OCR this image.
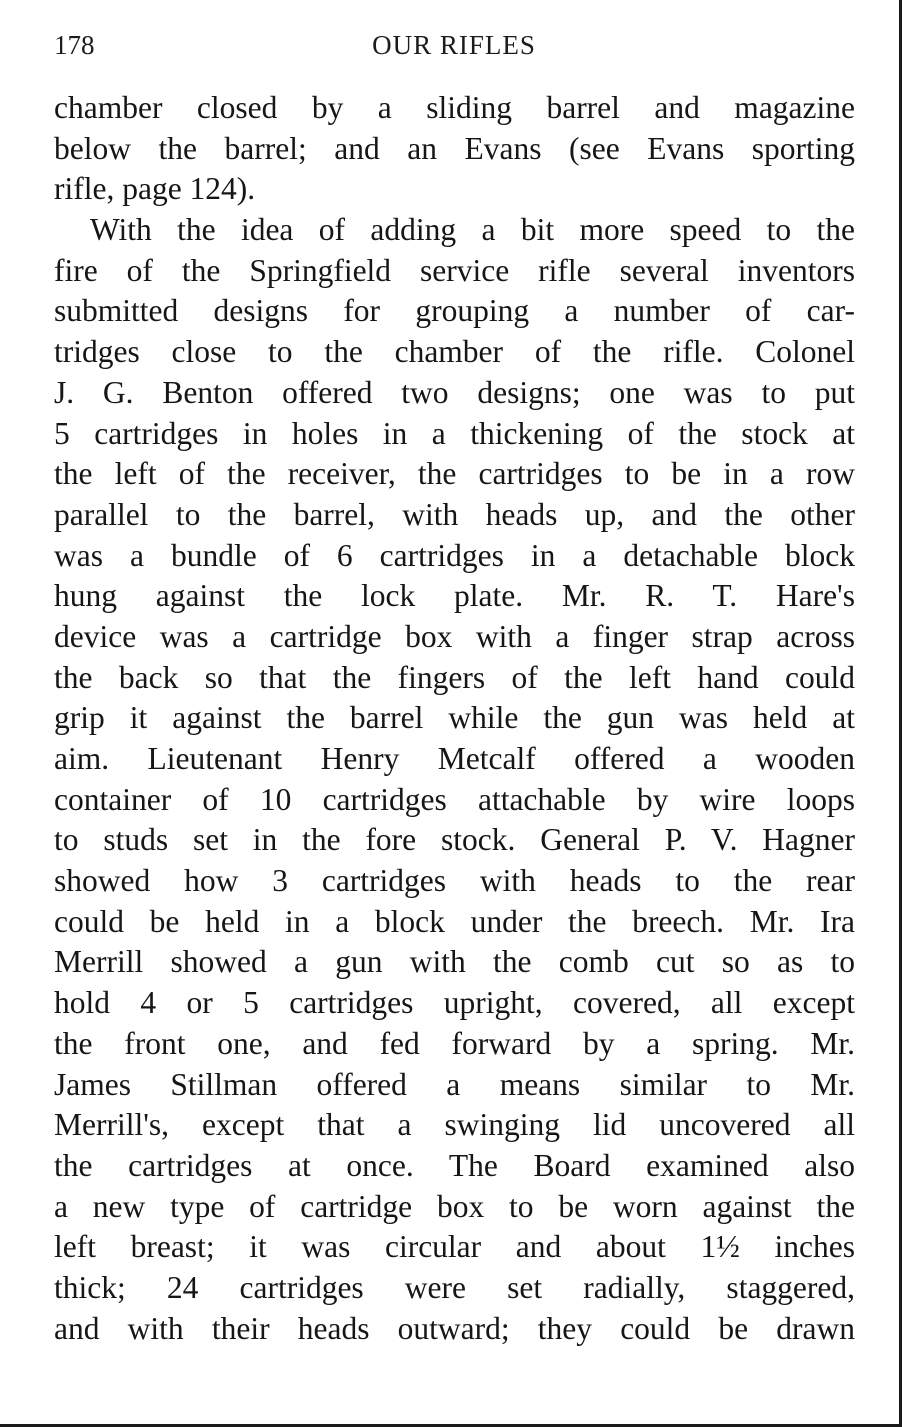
178	OUR RIFLES
chamber closed by a sliding barrel and magazine
below the barrel; and an Evans (see Evans sporting
rifle, page 124).
With the idea of adding a bit more speed to the
fire of the Springfield service rifle several inventors
submitted designs for grouping a number of car-
tridges close to the chamber of the rifle. Colonel
J. G. Benton offered two designs; one was to put
5 cartridges in holes in a thickening of the stock at
the left of the receiver, the cartridges to be in a row
parallel to the barrel, with heads up, and the other
was a bundle of 6 cartridges in a detachable block
hung against the lock plate. Mr. R. T. Hare's
device was a cartridge box with a finger strap across
the back so that the fingers of the left hand could
grip it against the barrel while the gun was held at
aim. Lieutenant Henry Metcalf offered a wooden
container of 10 cartridges attachable by wire loops
to studs set in the fore stock. General P. V. Hagner
showed how 3 cartridges with heads to the rear
could be held in a block under the breech. Mr. Ira
Merrill showed a gun with the comb cut so as to
hold 4 or 5 cartridges upright, covered, all except
the front one, and fed forward by a spring. Mr.
James Stillman offered a means similar to Mr.
Merrill's, except that a swinging lid uncovered all
the cartridges at once. The Board examined also
a new type of cartridge box to be worn against the
left breast; it was circular and about 1½ inches
thick; 24 cartridges were set radially, staggered,
and with their heads outward; they could be drawn
